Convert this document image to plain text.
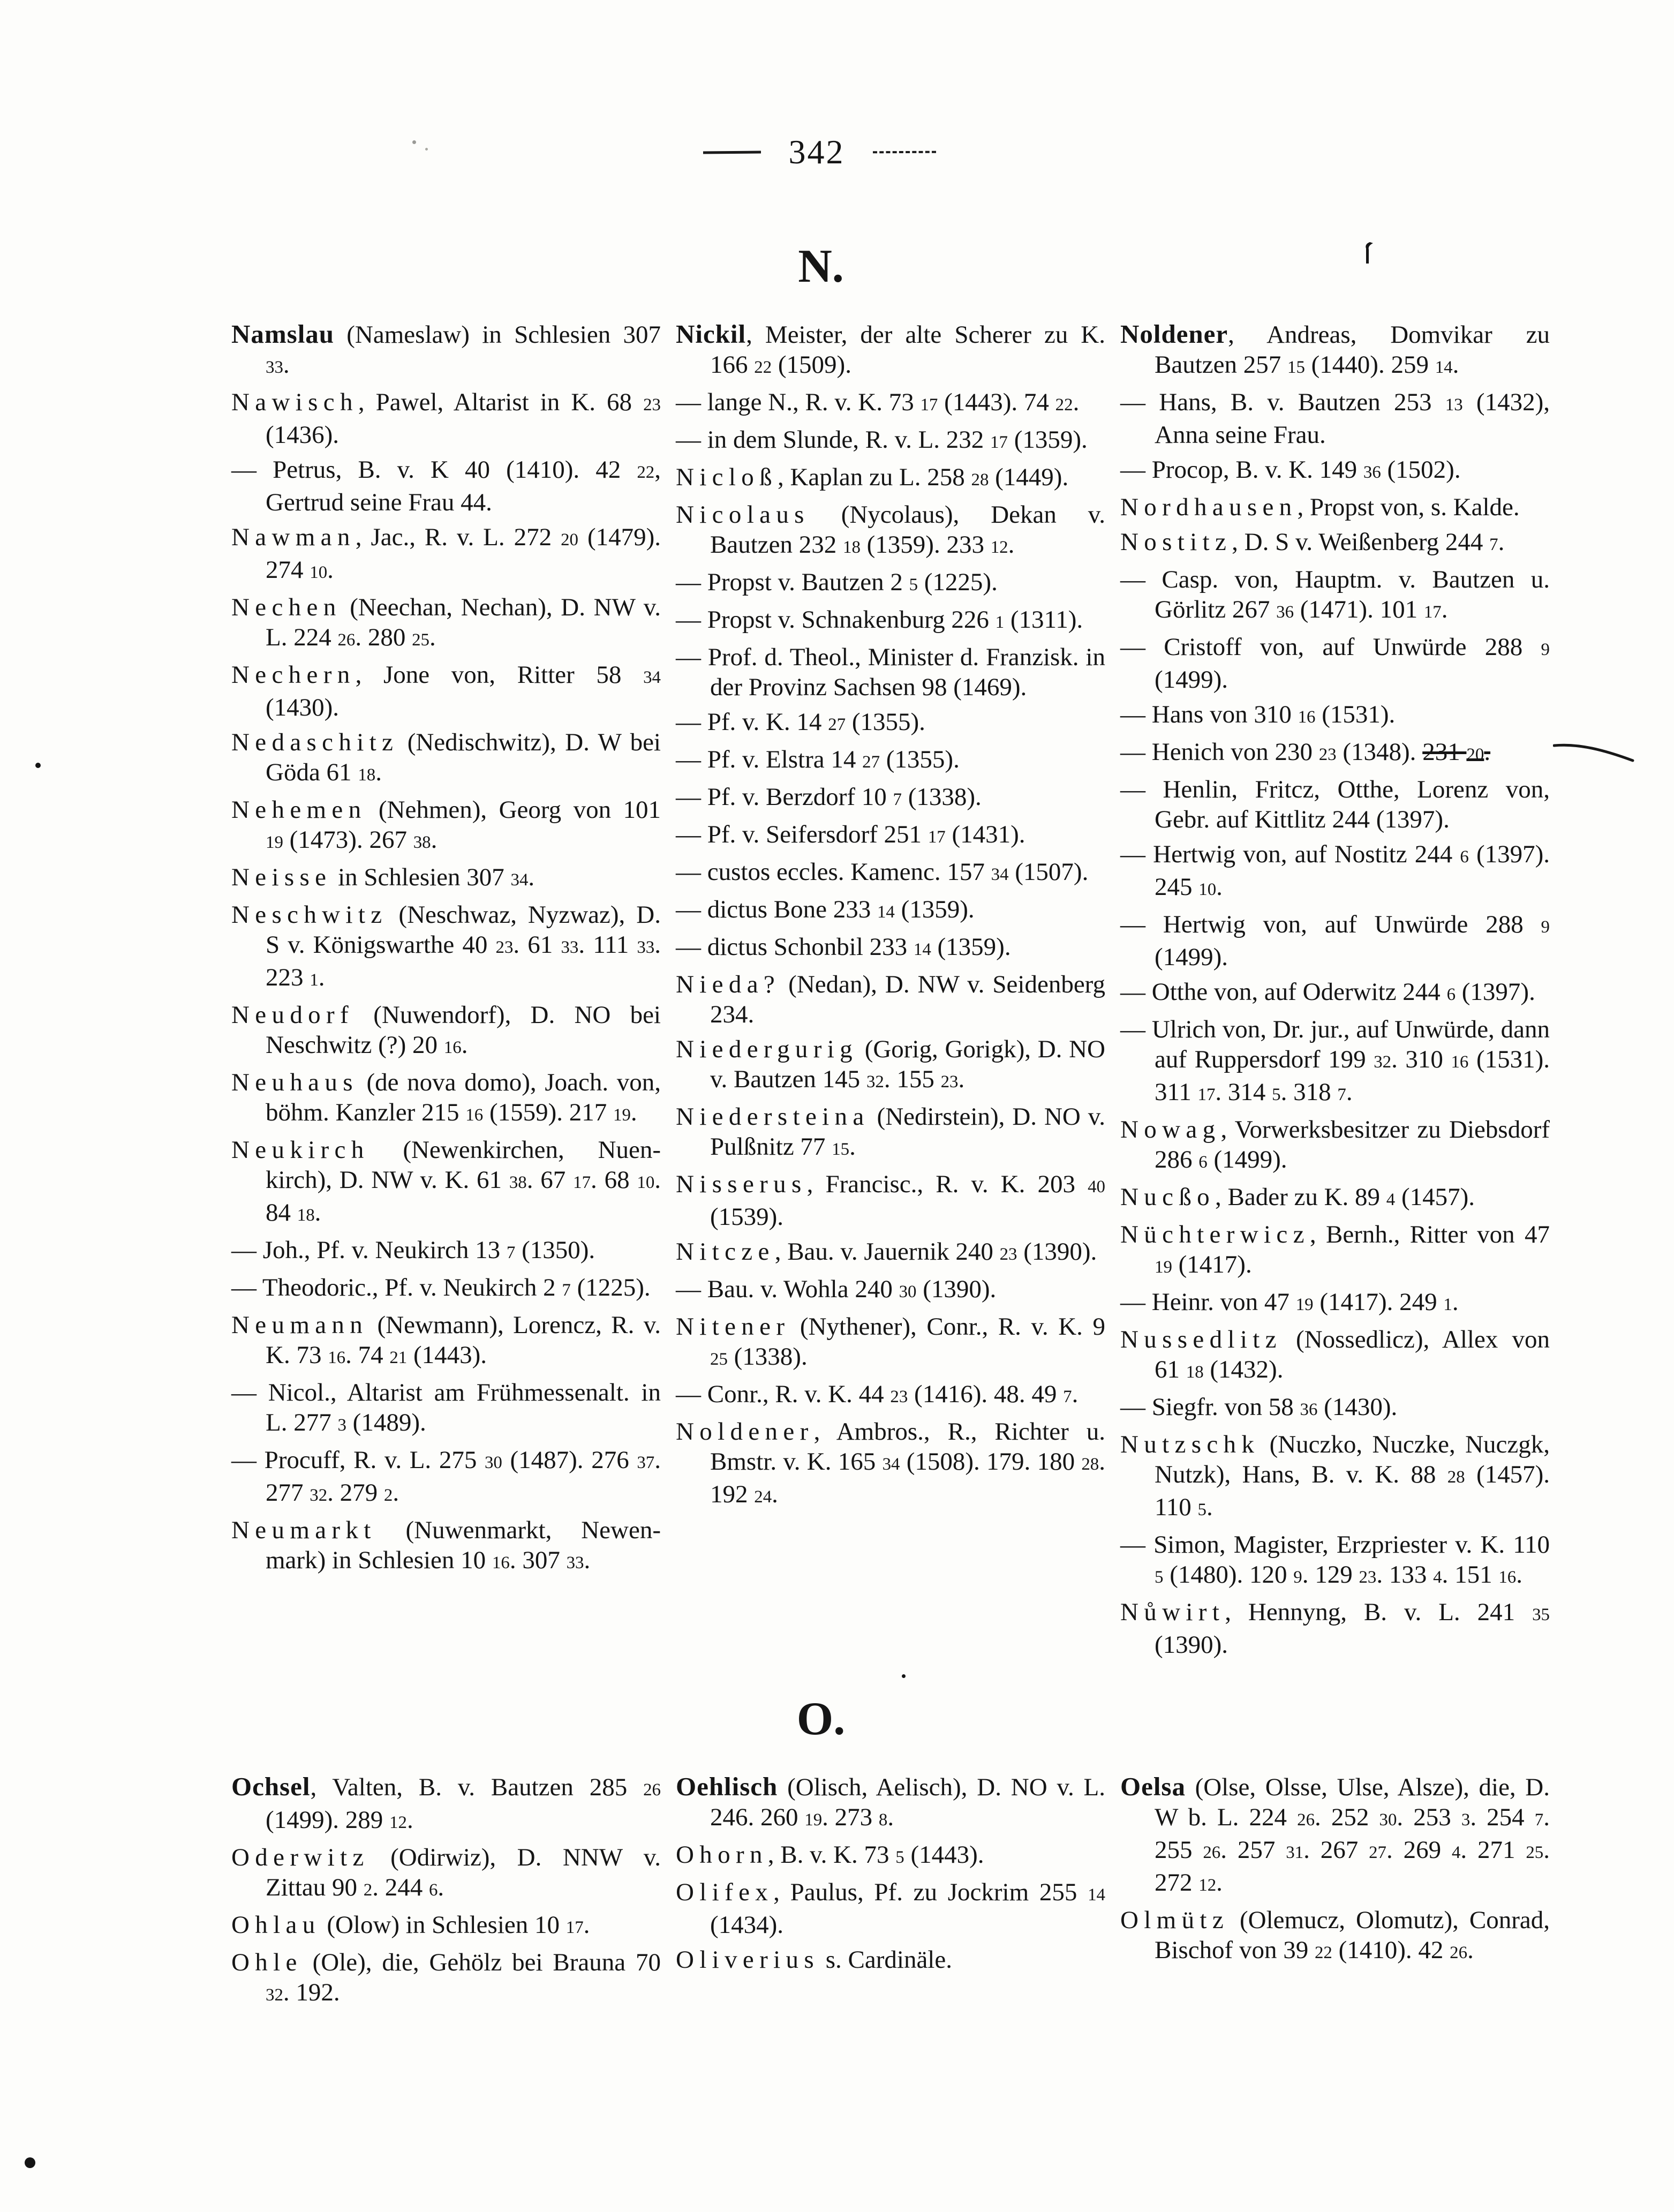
342
N.

Namslau (Nameslaw) in Schlesien 307 33.

Nawisch, Pawel, Altarist in K. 68 23 (1436).

— Petrus, B. v. K 40 (1410). 42 22, Gertrud seine Frau 44.

Nawman, Jac., R. v. L. 272 20 (1479). 274 10.

Nechen (Neechan, Nechan), D. NW v. L. 224 26. 280 25.

Nechern, Jone von, Ritter 58 34 (1430).

Nedaschitz (Nedischwitz), D. W bei Göda 61 18.

Nehemen (Nehmen), Georg von 101 19 (1473). 267 38.

Neisse in Schlesien 307 34.

Neschwitz (Neschwaz, Nyzwaz), D. S v. Königswarthe 40 23. 61 33. 111 33. 223 1.

Neudorf (Nuwendorf), D. NO bei Neschwitz (?) 20 16.

Neuhaus (de nova domo), Joach. von, böhm. Kanzler 215 16 (1559). 217 19.

Neukirch (Newenkirchen, Nuenkirch), D. NW v. K. 61 38. 67 17. 68 10. 84 18.

— Joh., Pf. v. Neukirch 13 7 (1350).

— Theodoric., Pf. v. Neukirch 2 7 (1225).

Neumann (Newmann), Lorencz, R. v. K. 73 16. 74 21 (1443).

— Nicol., Altarist am Frühmessenalt. in L. 277 3 (1489).

— Procuff, R. v. L. 275 30 (1487). 276 37. 277 32. 279 2.

Neumarkt (Nuwenmarkt, Newenmark) in Schlesien 10 16. 307 33.

Nickil, Meister, der alte Scherer zu K. 166 22 (1509).

— lange N., R. v. K. 73 17 (1443). 74 22.

— in dem Slunde, R. v. L. 232 17 (1359).

Nicloß, Kaplan zu L. 258 28 (1449).

Nicolaus (Nycolaus), Dekan v. Bautzen 232 18 (1359). 233 12.

— Propst v. Bautzen 2 5 (1225).

— Propst v. Schnakenburg 226 1 (1311).

— Prof. d. Theol., Minister d. Franzisk. in der Provinz Sachsen 98 (1469).

— Pf. v. K. 14 27 (1355).

— Pf. v. Elstra 14 27 (1355).

— Pf. v. Berzdorf 10 7 (1338).

— Pf. v. Seifersdorf 251 17 (1431).

— custos eccles. Kamenc. 157 34 (1507).

— dictus Bone 233 14 (1359).

— dictus Schonbil 233 14 (1359).

Nieda? (Nedan), D. NW v. Seidenberg 234.

Niedergurig (Gorig, Gorigk), D. NO v. Bautzen 145 32. 155 23.

Niedersteina (Nedirstein), D. NO v. Pulßnitz 77 15.

Nisserus, Francisc., R. v. K. 203 40 (1539).

Nitcze, Bau. v. Jauernik 240 23 (1390).

— Bau. v. Wohla 240 30 (1390).

Nitener (Nythener), Conr., R. v. K. 9 25 (1338).

— Conr., R. v. K. 44 23 (1416). 48. 49 7.

Noldener, Ambros., R., Richter u. Bmstr. v. K. 165 34 (1508). 179. 180 28. 192 24.

Noldener, Andreas, Domvikar zu Bautzen 257 15 (1440). 259 14.

— Hans, B. v. Bautzen 253 13 (1432), Anna seine Frau.

— Procop, B. v. K. 149 36 (1502).

Nordhausen, Propst von, s. Kalde.

Nostitz, D. S v. Weißenberg 244 7.

— Casp. von, Hauptm. v. Bautzen u. Görlitz 267 36 (1471). 101 17.

— Cristoff von, auf Unwürde 288 9 (1499).

— Hans von 310 16 (1531).

— Henich von 230 23 (1348). 231 20.

— Henlin, Fritcz, Otthe, Lorenz von, Gebr. auf Kittlitz 244 (1397).

— Hertwig von, auf Nostitz 244 6 (1397). 245 10.

— Hertwig von, auf Unwürde 288 9 (1499).

— Otthe von, auf Oderwitz 244 6 (1397).

— Ulrich von, Dr. jur., auf Unwürde, dann auf Ruppersdorf 199 32. 310 16 (1531). 311 17. 314 5. 318 7.

Nowag, Vorwerksbesitzer zu Diebsdorf 286 6 (1499).

Nucßo, Bader zu K. 89 4 (1457).

Nüchterwicz, Bernh., Ritter von 47 19 (1417).

— Heinr. von 47 19 (1417). 249 1.

Nussedlitz (Nossedlicz), Allex von 61 18 (1432).

— Siegfr. von 58 36 (1430).

Nutzschk (Nuczko, Nuczke, Nuczgk, Nutzk), Hans, B. v. K. 88 28 (1457). 110 5.

— Simon, Magister, Erzpriester v. K. 110 5 (1480). 120 9. 129 23. 133 4. 151 16.

Nůwirt, Hennyng, B. v. L. 241 35 (1390).

O.

Ochsel, Valten, B. v. Bautzen 285 26 (1499). 289 12.

Oderwitz (Odirwiz), D. NNW v. Zittau 90 2. 244 6.

Ohlau (Olow) in Schlesien 10 17.

Ohle (Ole), die, Gehölz bei Brauna 70 32. 192.

Oehlisch (Olisch, Aelisch), D. NO v. L. 246. 260 19. 273 8.

Ohorn, B. v. K. 73 5 (1443).

Olifex, Paulus, Pf. zu Jockrim 255 14 (1434).

Oliverius s. Cardinäle.

Oelsa (Olse, Olsse, Ulse, Alsze), die, D. W b. L. 224 26. 252 30. 253 3. 254 7. 255 26. 257 31. 267 27. 269 4. 271 25. 272 12.

Olmütz (Olemucz, Olomutz), Conrad, Bischof von 39 22 (1410). 42 26.
